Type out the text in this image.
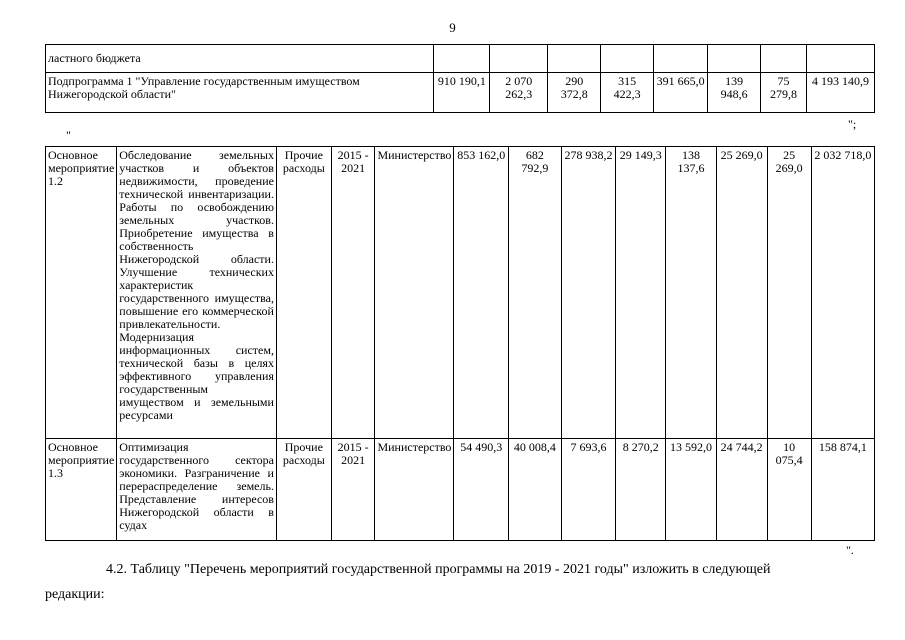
9
ластного бюджета								
Подпрограмма 1 "Управление государственным имуществом Нижегородской области"	910 190,1	2 070 262,3	290 372,8	315 422,3	391 665,0	139 948,6	75 279,8	4 193 140,9
";
"
Основное мероприятие 1.2	Обследование земельных участков и объектов недвижимости, проведение технической инвентаризации. Работы по освобождению земельных участков. Приобретение имущества в собственность Нижегородской области. Улучшение технических характеристик государственного имущества, повышение его коммерческой привлекательности. Модернизация информационных систем, технической базы в целях эффективного управления государственным имуществом и земельными ресурсами	Прочие расходы	2015 - 2021	Министерство	853 162,0	682 792,9	278 938,2	29 149,3	138 137,6	25 269,0	25 269,0	2 032 718,0
Основное мероприятие 1.3	Оптимизация государственного сектора экономики. Разграничение и перераспределение земель. Представление интересов Нижегородской области в судах	Прочие расходы	2015 - 2021	Министерство	54 490,3	40 008,4	7 693,6	8 270,2	13 592,0	24 744,2	10 075,4	158 874,1
".
4.2. Таблицу "Перечень мероприятий государственной программы на 2019 - 2021 годы" изложить в следующей
редакции:
